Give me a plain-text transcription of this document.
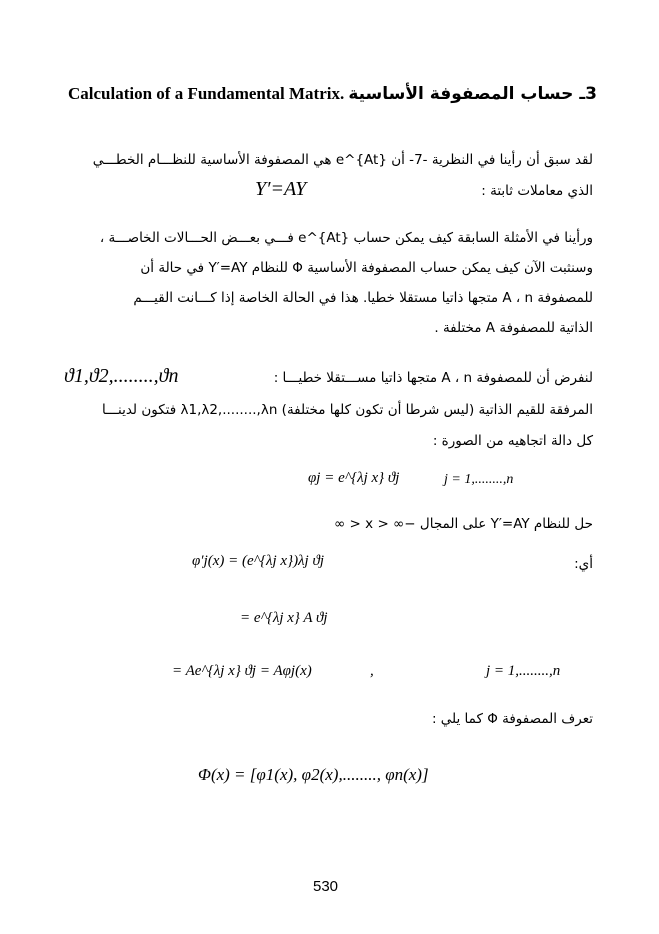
Calculation of a Fundamental Matrix. 3ـ حساب المصفوفة الأساسية
لقد سبق أن رأينا في النظرية -7- أن e^{At} هي المصفوفة الأساسية للنظـــام الخطـــي
الذي معاملات ثابتة :
Y′=AY
ورأينا في الأمثلة السابقة كيف يمكن حساب e^{At} فـــي بعـــض الحـــالات الخاصـــة ،
وسنثبت الآن كيف يمكن حساب المصفوفة الأساسية Φ للنظام Y′=AY في حالة أن
للمصفوفة A ، n متجها ذاتيا مستقلا خطيا. هذا في الحالة الخاصة إذا كـــانت القيـــم
الذاتية للمصفوفة A مختلفة .
لنفرض أن للمصفوفة A ، n متجها ذاتيا مســـتقلا خطيـــا :
ϑ1,ϑ2,........,ϑn
المرفقة للقيم الذاتية (ليس شرطا أن تكون كلها مختلفة) λ1,λ2,........,λn فتكون لدينـــا
كل دالة اتجاهيه من الصورة :
φj = e^{λj x} ϑj	j = 1,........,n
حل للنظام Y′=AY على المجال −∞ < x < ∞
أي:
φ′j(x) = (e^{λj x})λj ϑj
= e^{λj x} A ϑj
= Ae^{λj x} ϑj = Aφj(x)	,	j = 1,........,n
تعرف المصفوفة Φ كما يلي :
Φ(x) = [φ1(x), φ2(x),........, φn(x)]
530
